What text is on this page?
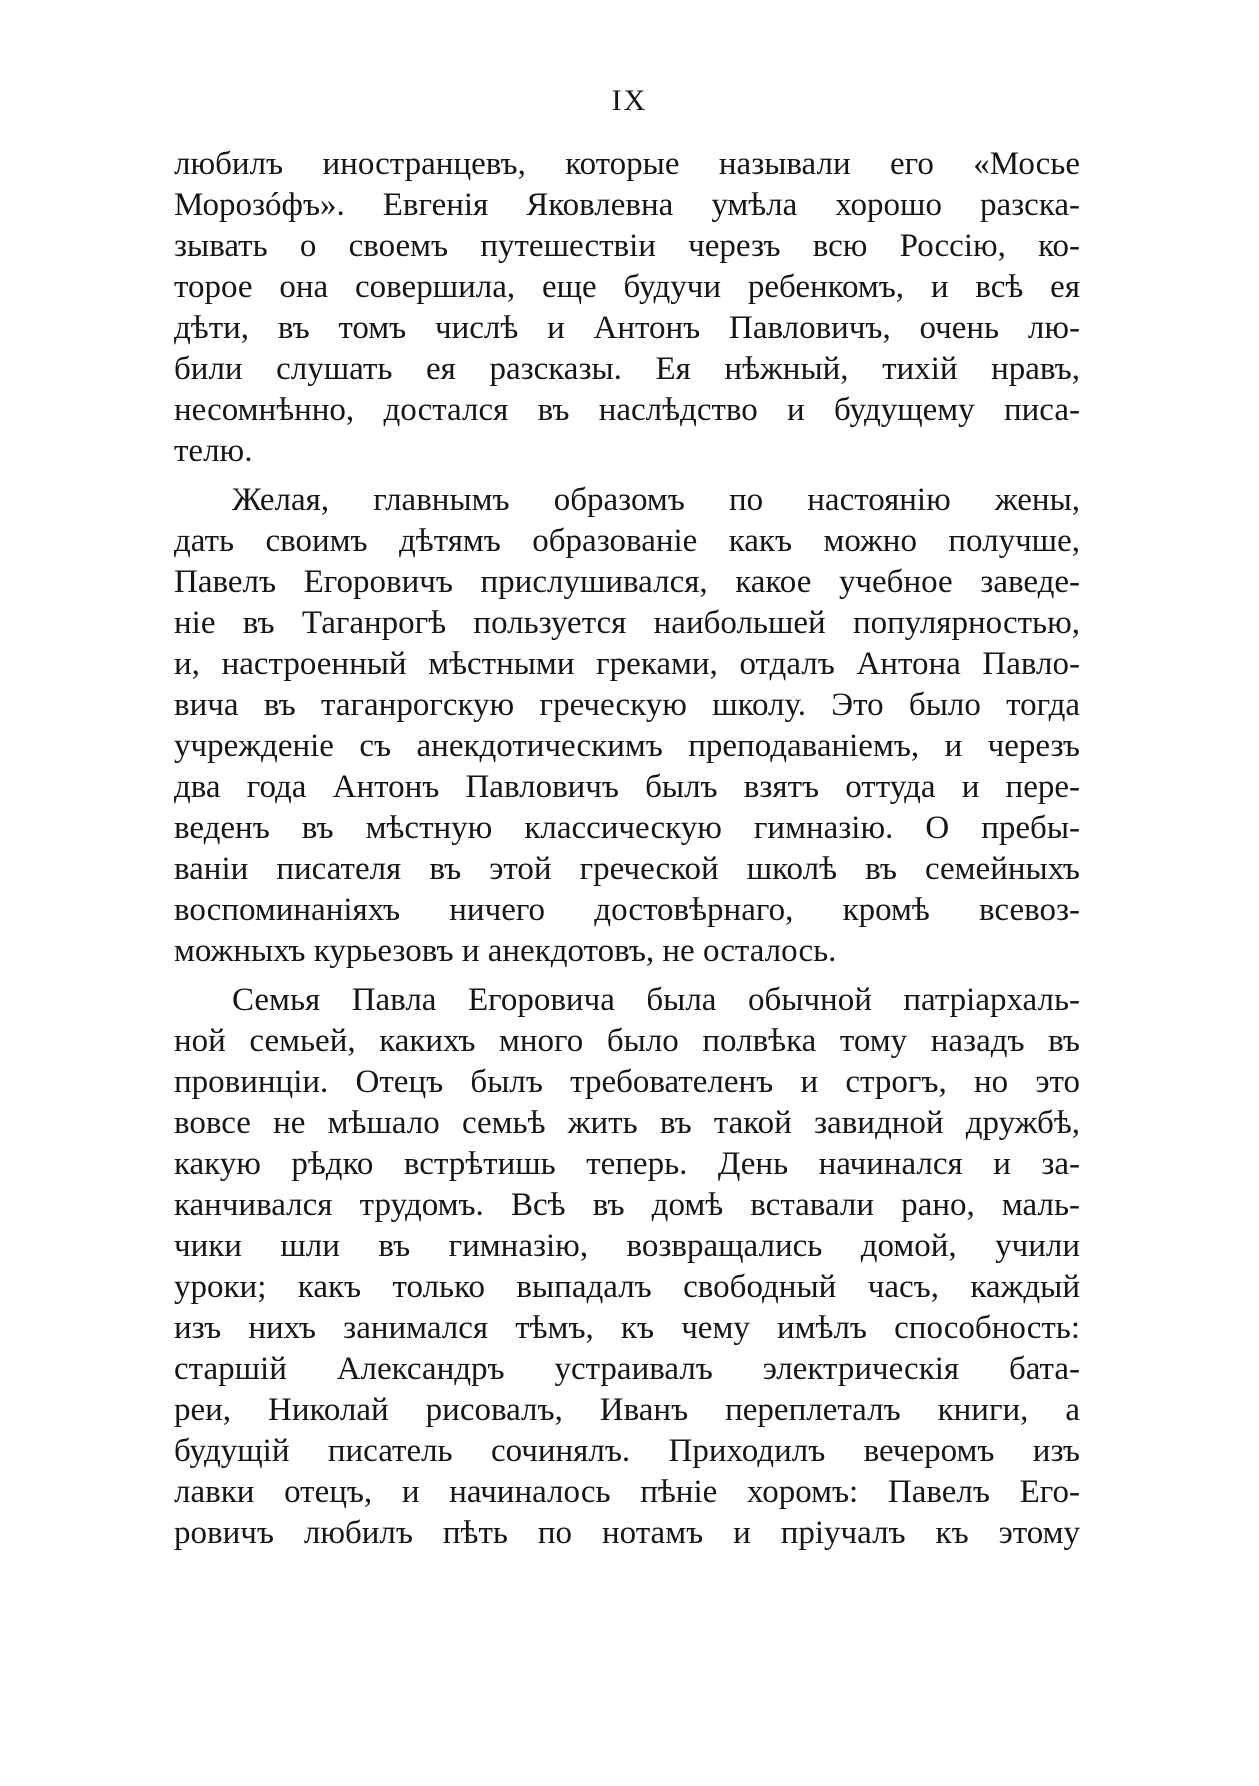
IX

любилъ иностранцевъ, которые называли его «Мосье
Морозóфъ». Евгенія Яковлевна умѣла хорошо разска-
зывать о своемъ путешествіи черезъ всю Россію, ко-
торое она совершила, еще будучи ребенкомъ, и всѣ ея
дѣти, въ томъ числѣ и Антонъ Павловичъ, очень лю-
били слушать ея разсказы. Ея нѣжный, тихій нравъ,
несомнѣнно, достался въ наслѣдство и будущему писа-
телю.

Желая, главнымъ образомъ по настоянію жены,
дать своимъ дѣтямъ образованіе какъ можно получше,
Павелъ Егоровичъ прислушивался, какое учебное заведе-
ніе въ Таганрогѣ пользуется наибольшей популярностью,
и, настроенный мѣстными греками, отдалъ Антона Павло-
вича въ таганрогскую греческую школу. Это было тогда
учрежденіе съ анекдотическимъ преподаваніемъ, и черезъ
два года Антонъ Павловичъ былъ взятъ оттуда и пере-
веденъ въ мѣстную классическую гимназію. О пребы-
ваніи писателя въ этой греческой школѣ въ семейныхъ
воспоминаніяхъ ничего достовѣрнаго, кромѣ всевоз-
можныхъ курьезовъ и анекдотовъ, не осталось.

Семья Павла Егоровича была обычной патріархаль-
ной семьей, какихъ много было полвѣка тому назадъ въ
провинціи. Отецъ былъ требователенъ и строгъ, но это
вовсе не мѣшало семьѣ жить въ такой завидной дружбѣ,
какую рѣдко встрѣтишь теперь. День начинался и за-
канчивался трудомъ. Всѣ въ домѣ вставали рано, маль-
чики шли въ гимназію, возвращались домой, учили
уроки; какъ только выпадалъ свободный часъ, каждый
изъ нихъ занимался тѣмъ, къ чему имѣлъ способность:
старшій Александръ устраивалъ электрическія бата-
реи, Николай рисовалъ, Иванъ переплеталъ книги, а
будущій писатель сочинялъ. Приходилъ вечеромъ изъ
лавки отецъ, и начиналось пѣніе хоромъ: Павелъ Его-
ровичъ любилъ пѣть по нотамъ и пріучалъ къ этому
